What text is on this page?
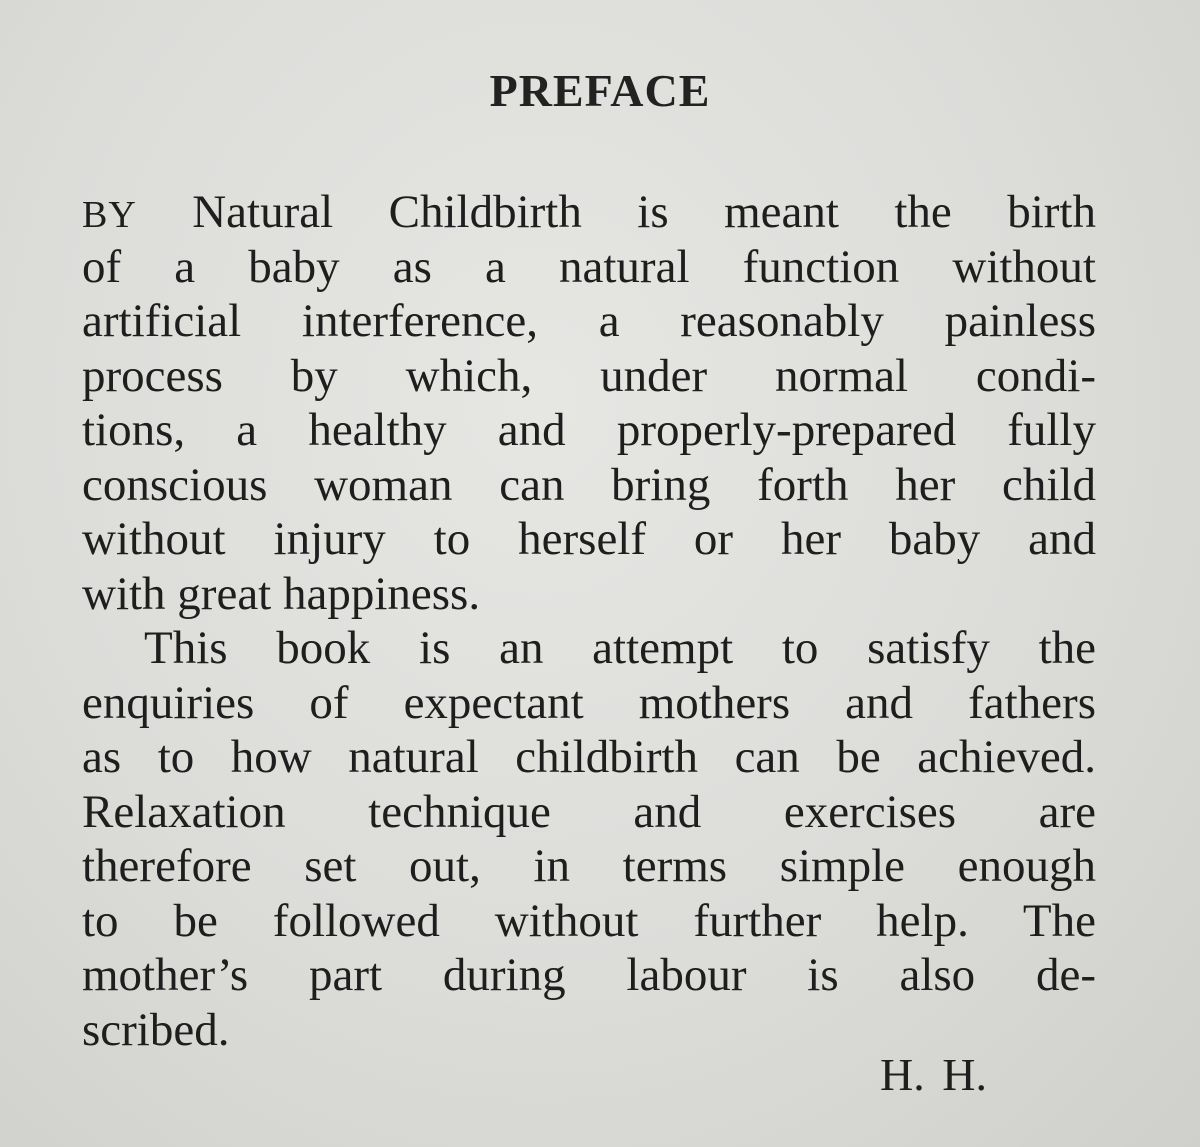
PREFACE
BY Natural Childbirth is meant the birth
of a baby as a natural function without
artificial interference, a reasonably painless
process by which, under normal condi-
tions, a healthy and properly-prepared fully
conscious woman can bring forth her child
without injury to herself or her baby and
with great happiness.
This book is an attempt to satisfy the
enquiries of expectant mothers and fathers
as to how natural childbirth can be achieved.
Relaxation technique and exercises are
therefore set out, in terms simple enough
to be followed without further help. The
mother’s part during labour is also de-
scribed.
H. H.
